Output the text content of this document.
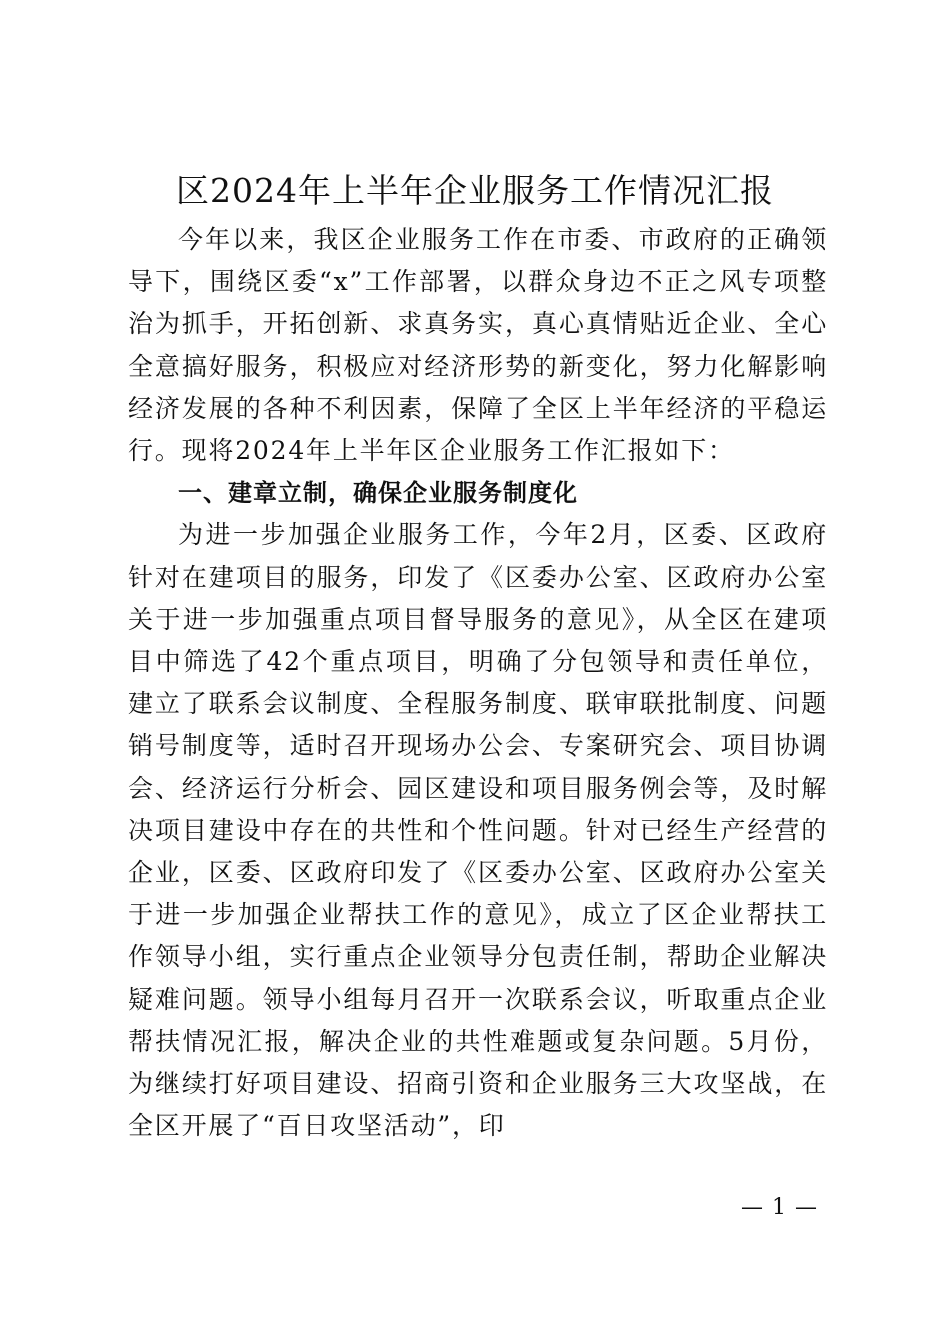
区2024年上半年企业服务工作情况汇报

今年以来，我区企业服务工作在市委、市政府的正确领导下，围绕区委“x”工作部署，以群众身边不正之风专项整治为抓手，开拓创新、求真务实，真心真情贴近企业、全心全意搞好服务，积极应对经济形势的新变化，努力化解影响经济发展的各种不利因素，保障了全区上半年经济的平稳运行。现将2024年上半年区企业服务工作汇报如下：

一、建章立制，确保企业服务制度化

为进一步加强企业服务工作，今年2月，区委、区政府针对在建项目的服务，印发了《区委办公室、区政府办公室关于进一步加强重点项目督导服务的意见》，从全区在建项目中筛选了42个重点项目，明确了分包领导和责任单位，建立了联系会议制度、全程服务制度、联审联批制度、问题销号制度等，适时召开现场办公会、专案研究会、项目协调会、经济运行分析会、园区建设和项目服务例会等，及时解决项目建设中存在的共性和个性问题。针对已经生产经营的企业，区委、区政府印发了《区委办公室、区政府办公室关于进一步加强企业帮扶工作的意见》，成立了区企业帮扶工作领导小组，实行重点企业领导分包责任制，帮助企业解决疑难问题。领导小组每月召开一次联系会议，听取重点企业帮扶情况汇报，解决企业的共性难题或复杂问题。5月份，为继续打好项目建设、招商引资和企业服务三大攻坚战，在全区开展了“百日攻坚活动”，印

— 1 —
